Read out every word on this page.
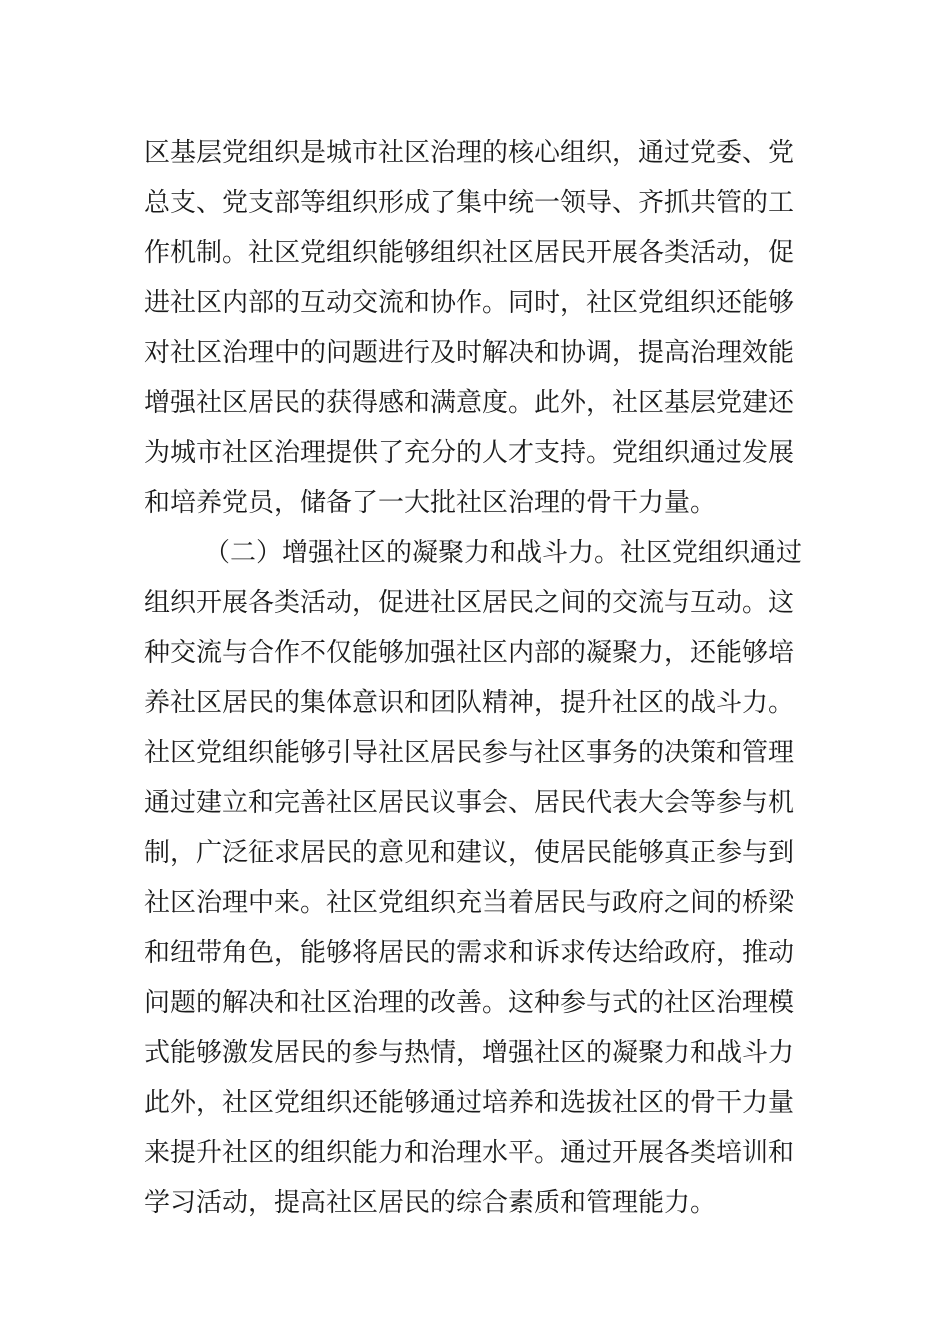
区基层党组织是城市社区治理的核心组织，通过党委、党
总支、党支部等组织形成了集中统一领导、齐抓共管的工
作机制。社区党组织能够组织社区居民开展各类活动，促
进社区内部的互动交流和协作。同时，社区党组织还能够
对社区治理中的问题进行及时解决和协调，提高治理效能
增强社区居民的获得感和满意度。此外，社区基层党建还
为城市社区治理提供了充分的人才支持。党组织通过发展
和培养党员，储备了一大批社区治理的骨干力量。
（二）增强社区的凝聚力和战斗力。社区党组织通过
组织开展各类活动，促进社区居民之间的交流与互动。这
种交流与合作不仅能够加强社区内部的凝聚力，还能够培
养社区居民的集体意识和团队精神，提升社区的战斗力。
社区党组织能够引导社区居民参与社区事务的决策和管理
通过建立和完善社区居民议事会、居民代表大会等参与机
制，广泛征求居民的意见和建议，使居民能够真正参与到
社区治理中来。社区党组织充当着居民与政府之间的桥梁
和纽带角色，能够将居民的需求和诉求传达给政府，推动
问题的解决和社区治理的改善。这种参与式的社区治理模
式能够激发居民的参与热情，增强社区的凝聚力和战斗力
此外，社区党组织还能够通过培养和选拔社区的骨干力量
来提升社区的组织能力和治理水平。通过开展各类培训和
学习活动，提高社区居民的综合素质和管理能力。
